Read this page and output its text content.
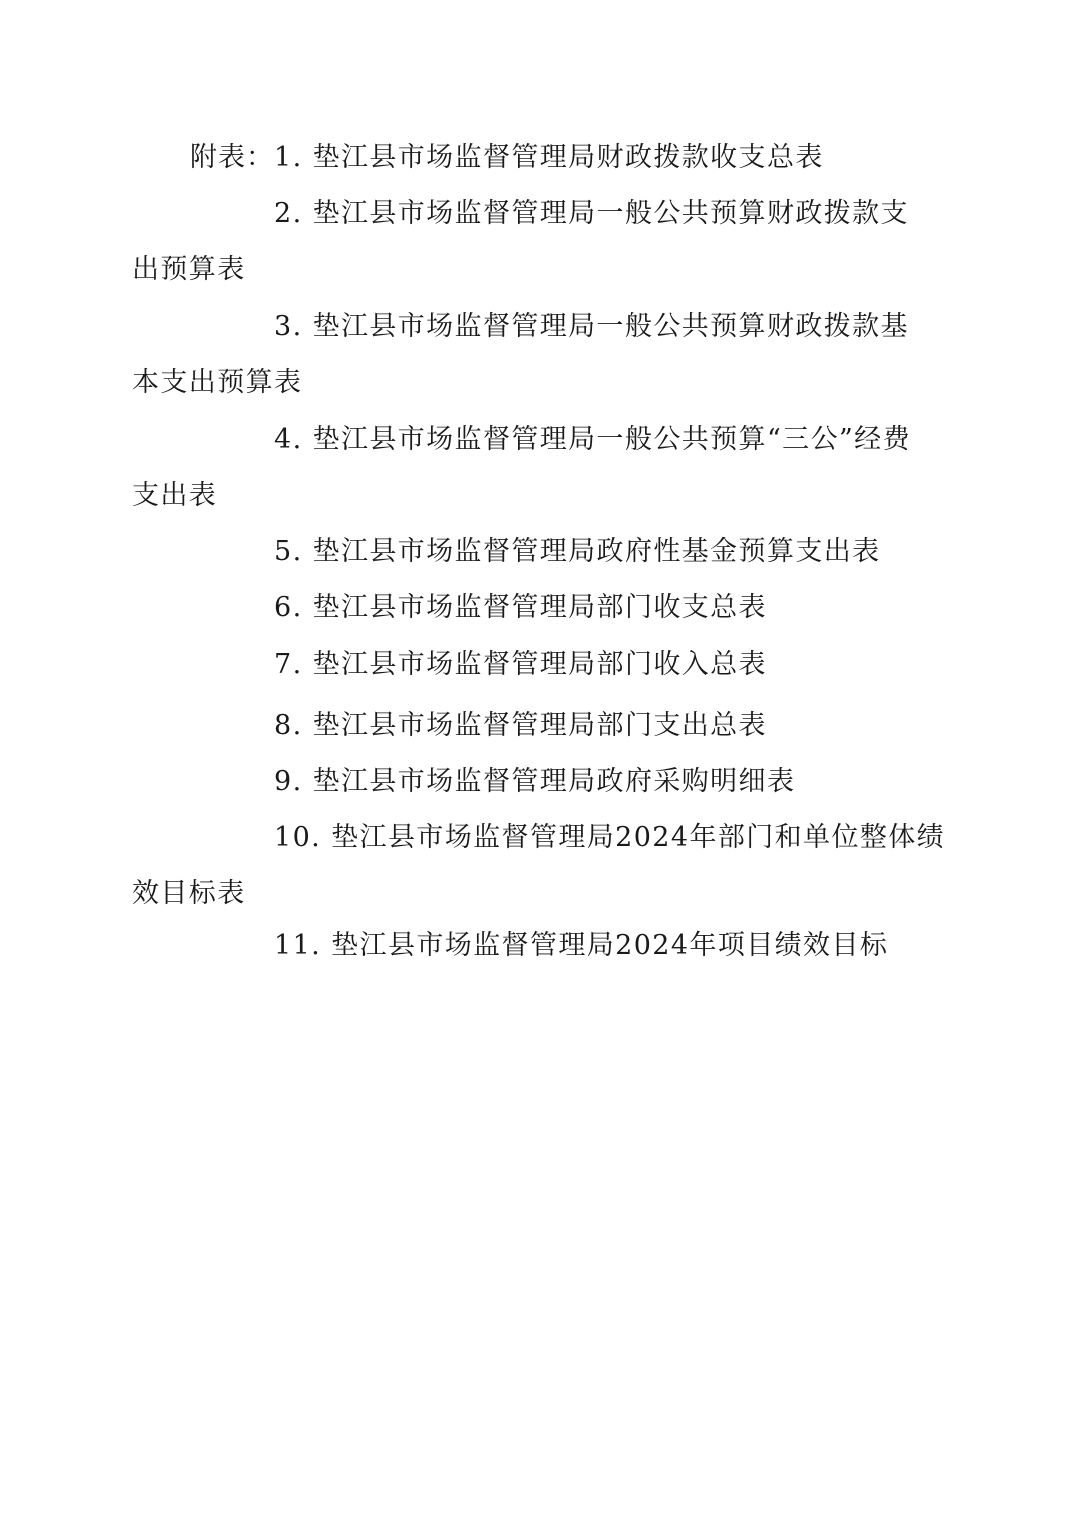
附表：1. 垫江县市场监督管理局财政拨款收支总表
2. 垫江县市场监督管理局一般公共预算财政拨款支
出预算表
3. 垫江县市场监督管理局一般公共预算财政拨款基
本支出预算表
4. 垫江县市场监督管理局一般公共预算“三公”经费
支出表
5. 垫江县市场监督管理局政府性基金预算支出表
6. 垫江县市场监督管理局部门收支总表
7. 垫江县市场监督管理局部门收入总表
8. 垫江县市场监督管理局部门支出总表
9. 垫江县市场监督管理局政府采购明细表
10. 垫江县市场监督管理局2024年部门和单位整体绩
效目标表
11. 垫江县市场监督管理局2024年项目绩效目标
